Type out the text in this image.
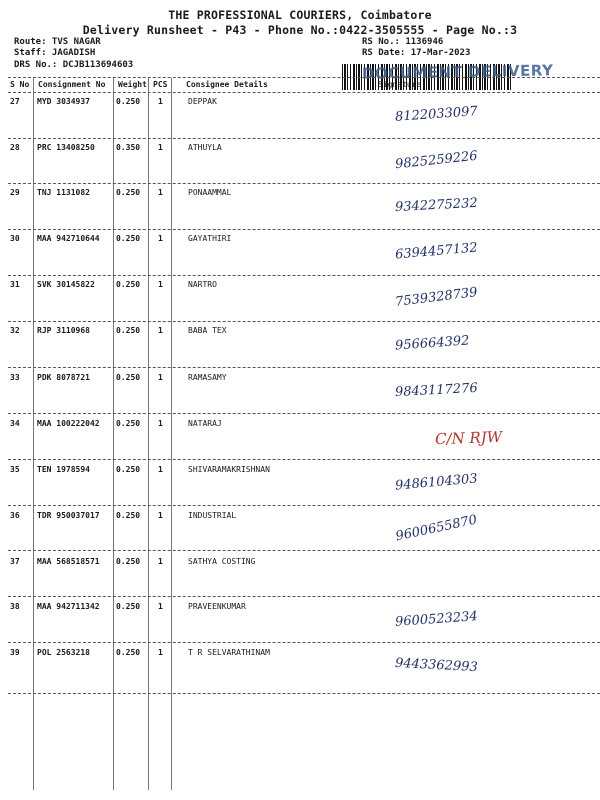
THE PROFESSIONAL COURIERS, Coimbatore
Delivery Runsheet - P43 - Phone No.:0422-3505555 - Page No.:3
Route: TVS NAGAR
Staff: JAGADISH
DRS No.: DCJB113694603
RS No.: 1136946
RS Date: 17-Mar-2023
DOCUMENT DELIVERY
S No Consignment No Weight PCS Consignee Details	Signature
27 MYD 3034937	0.250 1	DEPPAK
8122033097
28 PRC 13408250	0.350 1	ATHUYLA
9825259226
29 TNJ 1131082	0.250 1	PONAAMMAL
9342275232
30 MAA 942710644 0.250 1	GAYATHIRI
6394457132
31 SVK 30145822	0.250 1	NARTRO
7539328739
32 RJP 3110968	0.250 1	BABA TEX
956664392
33 PDK 8078721	0.250 1	RAMASAMY
9843117276
34 MAA 100222042 0.250 1	NATARAJ
C/N RJW
35 TEN 1978594	0.250 1	SHIVARAMAKRISHNAN
9486104303
36 TDR 950037017 0.250 1	INDUSTRIAL	9600655870
37 MAA 568518571 0.250 1	SATHYA COSTING
38 MAA 942711342 0.250 1	PRAVEENKUMAR
9600523234
39 POL 2563218	0.250 1	T R SELVARATHINAM
9443362993
